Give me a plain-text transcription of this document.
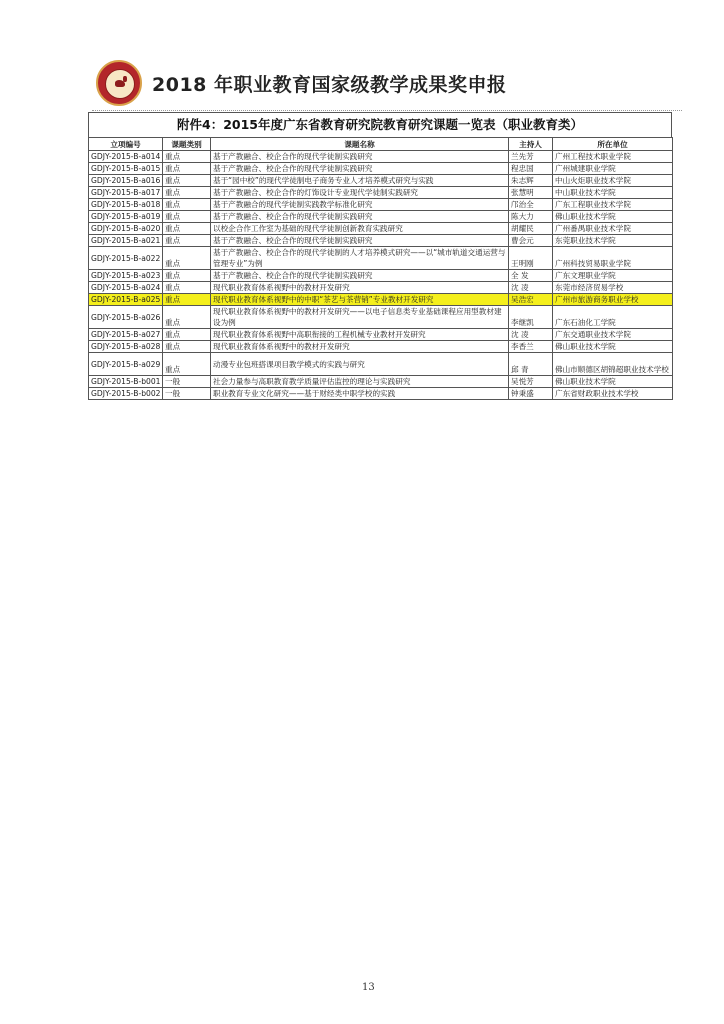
2018 年职业教育国家级教学成果奖申报
附件4：2015年度广东省教育研究院教育研究课题一览表（职业教育类）
立项编号	课题类别	课题名称	主持人	所在单位
GDJY-2015-B-a014	重点	基于产教融合、校企合作的现代学徒制实践研究	兰先芳	广州工程技术职业学院
GDJY-2015-B-a015	重点	基于产教融合、校企合作的现代学徒制实践研究	程忠国	广州城建职业学院
GDJY-2015-B-a016	重点	基于“园中校”的现代学徒制电子商务专业人才培养模式研究与实践	朱志辉	中山火炬职业技术学院
GDJY-2015-B-a017	重点	基于产教融合、校企合作的灯饰设计专业现代学徒制实践研究	张慧明	中山职业技术学院
GDJY-2015-B-a018	重点	基于产教融合的现代学徒制实践教学标准化研究	邝治全	广东工程职业技术学院
GDJY-2015-B-a019	重点	基于产教融合、校企合作的现代学徒制实践研究	陈大力	佛山职业技术学院
GDJY-2015-B-a020	重点	以校企合作工作室为基础的现代学徒制创新教育实践研究	胡耀民	广州番禺职业技术学院
GDJY-2015-B-a021	重点	基于产教融合、校企合作的现代学徒制实践研究	曹会元	东莞职业技术学院
GDJY-2015-B-a022	重点	基于产教融合、校企合作的现代学徒制的人才培养模式研究——以“城市轨道交通运营与管理专业”为例	王明刚	广州科技贸易职业学院
GDJY-2015-B-a023	重点	基于产教融合、校企合作的现代学徒制实践研究	全 发	广东文理职业学院
GDJY-2015-B-a024	重点	现代职业教育体系视野中的教材开发研究	沈 凌	东莞市经济贸易学校
GDJY-2015-B-a025	重点	现代职业教育体系视野中的中职“茶艺与茶营销”专业教材开发研究	吴浩宏	广州市旅游商务职业学校
GDJY-2015-B-a026	重点	现代职业教育体系视野中的教材开发研究——以电子信息类专业基础课程应用型教材建设为例	李继凯	广东石油化工学院
GDJY-2015-B-a027	重点	现代职业教育体系视野中高职衔接的工程机械专业教材开发研究	沈 凌	广东交通职业技术学院
GDJY-2015-B-a028	重点	现代职业教育体系视野中的教材开发研究	李香兰	佛山职业技术学院
GDJY-2015-B-a029	重点	动漫专业包班搭课项目教学模式的实践与研究	邱 青	佛山市顺德区胡锦超职业技术学校
GDJY-2015-B-b001	一般	社会力量参与高职教育教学质量评估监控的理论与实践研究	吴悦芳	佛山职业技术学院
GDJY-2015-B-b002	一般	职业教育专业文化研究——基于财经类中职学校的实践	钟秉盛	广东省财政职业技术学校
13
